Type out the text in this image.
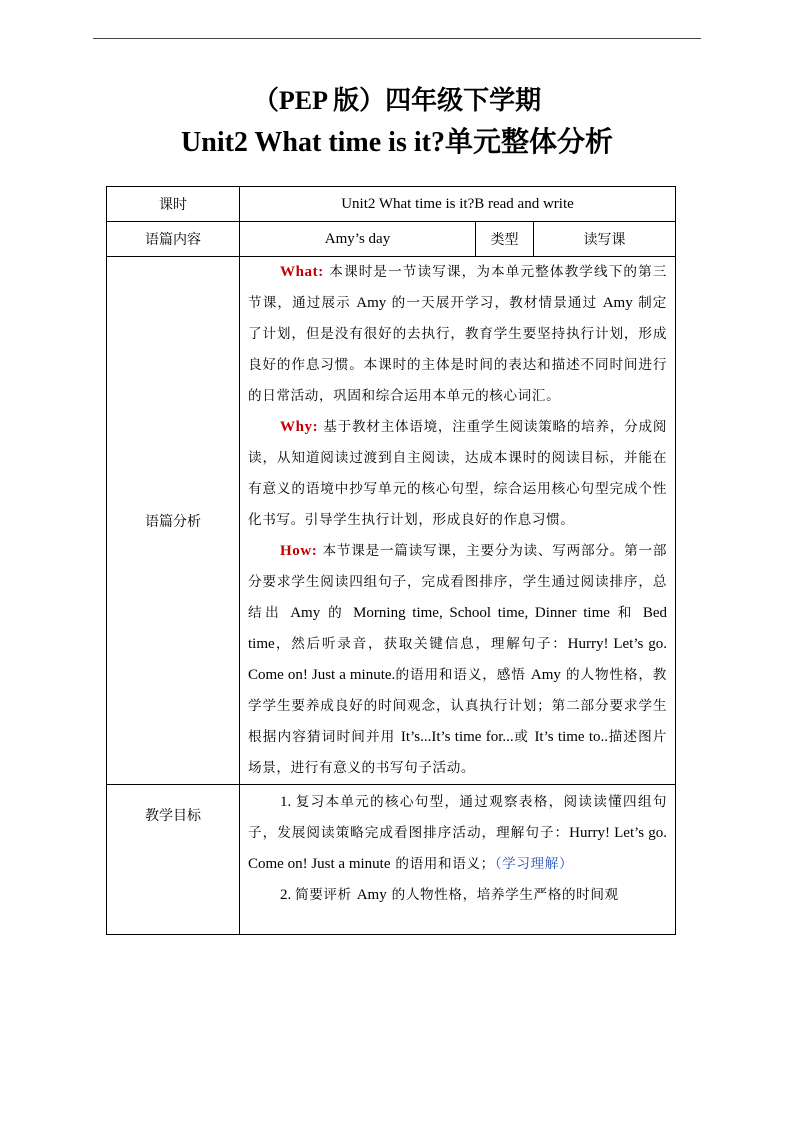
（PEP 版）四年级下学期
Unit2 What time is it?单元整体分析
课时	Unit2 What time is it?B read and write		
语篇内容	Amy’s day	类型	读写课
语篇分析	What: 本课时是一节读写课，为本单元整体教学线下的第三节课，通过展示 Amy 的一天展开学习，教材情景通过 Amy 制定了计划，但是没有很好的去执行，教育学生要坚持执行计划，形成良好的作息习惯。本课时的主体是时间的表达和描述不同时间进行的日常活动，巩固和综合运用本单元的核心词汇。

Why: 基于教材主体语境，注重学生阅读策略的培养，分成阅读，从知道阅读过渡到自主阅读，达成本课时的阅读目标，并能在有意义的语境中抄写单元的核心句型，综合运用核心句型完成个性化书写。引导学生执行计划，形成良好的作息习惯。

How: 本节课是一篇读写课，主要分为读、写两部分。第一部分要求学生阅读四组句子，完成看图排序，学生通过阅读排序，总结出 Amy 的 Morning time, School time, Dinner time 和 Bed time，然后听录音，获取关键信息，理解句子：Hurry! Let’s go. Come on! Just a minute.的语用和语义，感悟 Amy 的人物性格，教学学生要养成良好的时间观念，认真执行计划；第二部分要求学生根据内容猜词时间并用 It’s...It’s time for...或 It’s time to..描述图片场景，进行有意义的书写句子活动。		

教学目标	1. 复习本单元的核心句型，通过观察表格，阅读读懂四组句子，发展阅读策略完成看图排序活动，理解句子：Hurry! Let’s go. Come on! Just a minute 的语用和语义；（学习理解）

2. 简要评析 Amy 的人物性格，培养学生严格的时间观		
